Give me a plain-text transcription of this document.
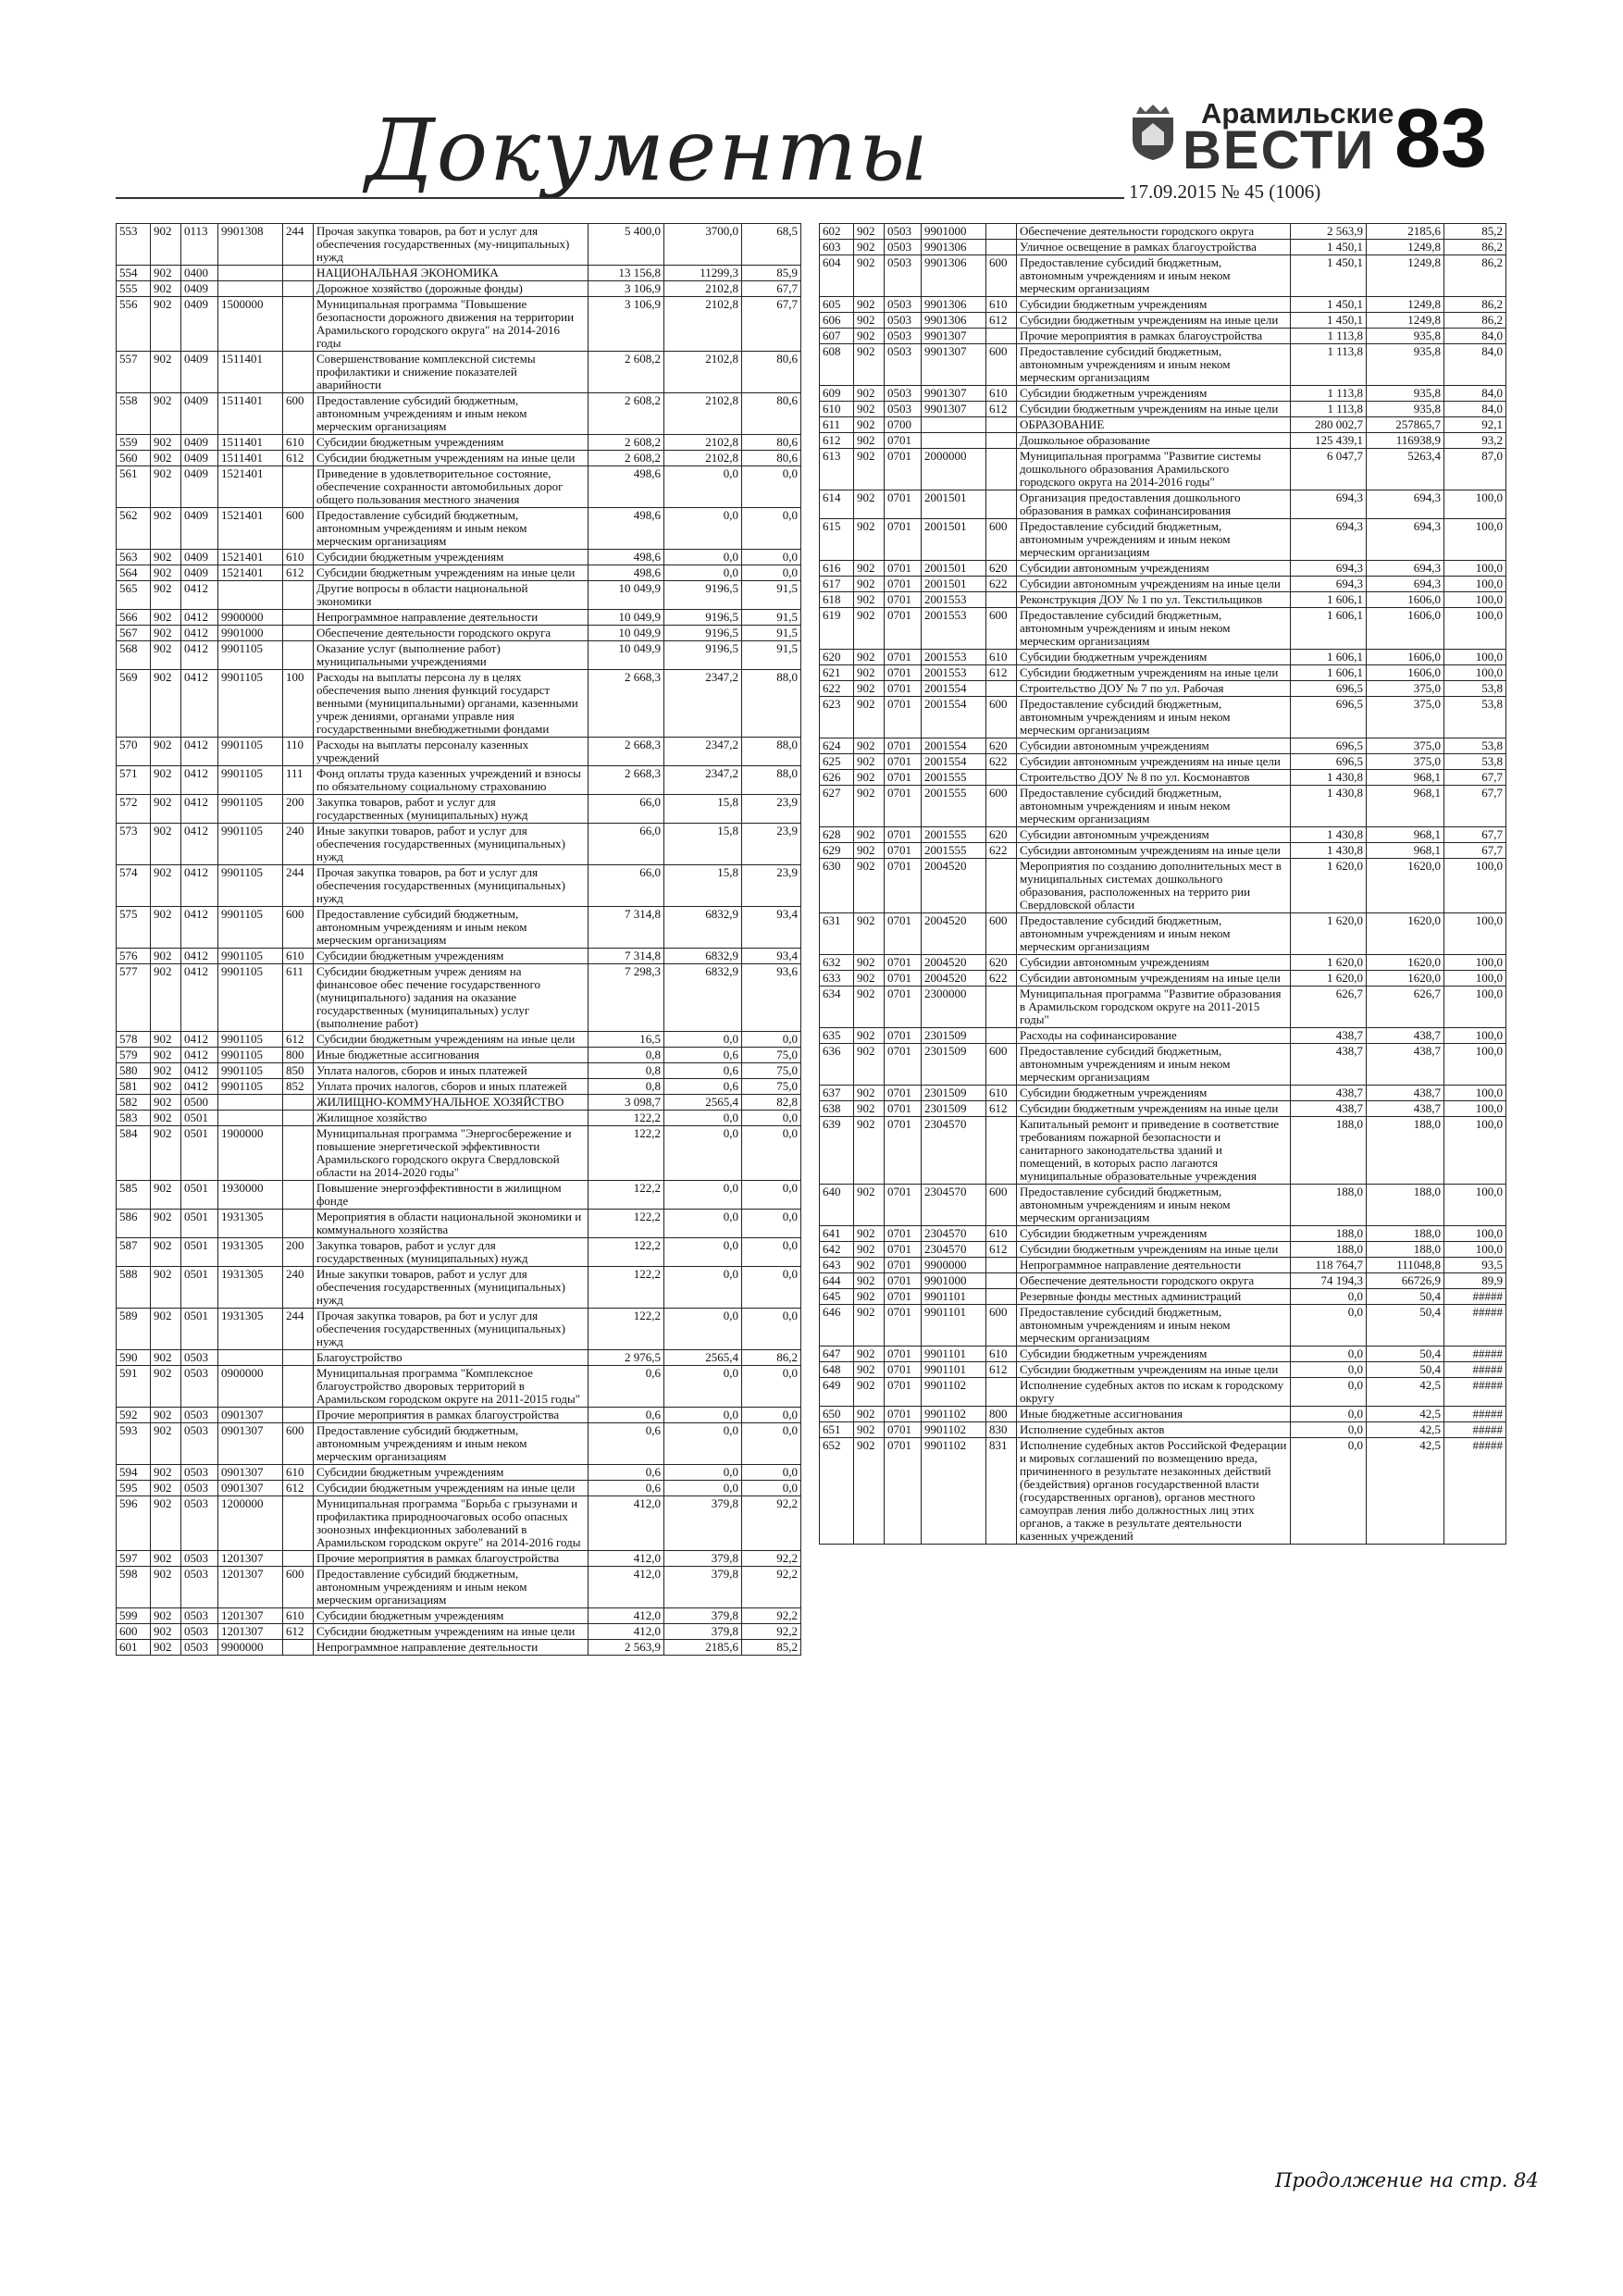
Документы	Арамильские
ВЕСТИ
17.09.2015 № 45 (1006)
83
553	902	0113	9901308	244	Прочая закупка товаров, ра бот и услуг для обеспечения государственных (му-ниципальных) нужд	5 400,0	3700,0	68,5
554	902	0400			НАЦИОНАЛЬНАЯ ЭКОНОМИКА	13 156,8	11299,3	85,9
555	902	0409			Дорожное хозяйство (дорожные фонды)	3 106,9	2102,8	67,7
556	902	0409	1500000		Муниципальная программа "Повышение безопасности дорожного движения на территории Арамильского городского округа" на 2014-2016 годы	3 106,9	2102,8	67,7
557	902	0409	1511401		Совершенствование комплексной системы профилактики и снижение показателей аварийности	2 608,2	2102,8	80,6
558	902	0409	1511401	600	Предоставление субсидий бюджетным, автономным учреждениям и иным неком мерческим организациям	2 608,2	2102,8	80,6
559	902	0409	1511401	610	Субсидии бюджетным учреждениям	2 608,2	2102,8	80,6
560	902	0409	1511401	612	Субсидии бюджетным учреждениям на иные цели	2 608,2	2102,8	80,6
561	902	0409	1521401		Приведение в удовлетворительное состояние, обеспечение сохранности автомобильных дорог общего пользования местного значения	498,6	0,0	0,0
562	902	0409	1521401	600	Предоставление субсидий бюджетным, автономным учреждениям и иным неком мерческим организациям	498,6	0,0	0,0
563	902	0409	1521401	610	Субсидии бюджетным учреждениям	498,6	0,0	0,0
564	902	0409	1521401	612	Субсидии бюджетным учреждениям на иные цели	498,6	0,0	0,0
565	902	0412			Другие вопросы в области национальной экономики	10 049,9	9196,5	91,5
566	902	0412	9900000		Непрограммное направление деятельности	10 049,9	9196,5	91,5
567	902	0412	9901000		Обеспечение деятельности городского округа	10 049,9	9196,5	91,5
568	902	0412	9901105		Оказание услуг (выполнение работ) муниципальными учреждениями	10 049,9	9196,5	91,5
569	902	0412	9901105	100	Расходы на выплаты персона лу в целях обеспечения выпо лнения функций государст венными (муниципальными) органами, казенными учреж дениями, органами управле ния государственными внебюджетными фондами	2 668,3	2347,2	88,0
570	902	0412	9901105	110	Расходы на выплаты персоналу казенных учреждений	2 668,3	2347,2	88,0
571	902	0412	9901105	111	Фонд оплаты труда казенных учреждений и взносы по обязательному социальному страхованию	2 668,3	2347,2	88,0
572	902	0412	9901105	200	Закупка товаров, работ и услуг для государственных (муниципальных) нужд	66,0	15,8	23,9
573	902	0412	9901105	240	Иные закупки товаров, работ и услуг для обеспечения государственных (муниципальных) нужд	66,0	15,8	23,9
574	902	0412	9901105	244	Прочая закупка товаров, ра бот и услуг для обеспечения государственных (муниципальных) нужд	66,0	15,8	23,9
575	902	0412	9901105	600	Предоставление субсидий бюджетным, автономным учреждениям и иным неком мерческим организациям	7 314,8	6832,9	93,4
576	902	0412	9901105	610	Субсидии бюджетным учреждениям	7 314,8	6832,9	93,4
577	902	0412	9901105	611	Субсидии бюджетным учреж дениям на финансовое обес печение государственного (муниципального) задания на оказание государственных (муниципальных) услуг (выполнение работ)	7 298,3	6832,9	93,6
578	902	0412	9901105	612	Субсидии бюджетным учреждениям на иные цели	16,5	0,0	0,0
579	902	0412	9901105	800	Иные бюджетные ассигнования	0,8	0,6	75,0
580	902	0412	9901105	850	Уплата налогов, сборов и иных платежей	0,8	0,6	75,0
581	902	0412	9901105	852	Уплата прочих налогов, сборов и иных платежей	0,8	0,6	75,0
582	902	0500			ЖИЛИЩНО-КОММУНАЛЬНОЕ ХОЗЯЙСТВО	3 098,7	2565,4	82,8
583	902	0501			Жилищное хозяйство	122,2	0,0	0,0
584	902	0501	1900000		Муниципальная программа "Энергосбережение и повышение энергетической эффективности Арамильского городского округа Свердловской области на 2014-2020 годы"	122,2	0,0	0,0
585	902	0501	1930000		Повышение энергоэффективности в жилищном фонде	122,2	0,0	0,0
586	902	0501	1931305		Мероприятия в области национальной экономики и коммунального хозяйства	122,2	0,0	0,0
587	902	0501	1931305	200	Закупка товаров, работ и услуг для государственных (муниципальных) нужд	122,2	0,0	0,0
588	902	0501	1931305	240	Иные закупки товаров, работ и услуг для обеспечения государственных (муниципальных) нужд	122,2	0,0	0,0
589	902	0501	1931305	244	Прочая закупка товаров, ра бот и услуг для обеспечения государственных (муниципальных) нужд	122,2	0,0	0,0
590	902	0503			Благоустройство	2 976,5	2565,4	86,2
591	902	0503	0900000		Муниципальная программа "Комплексное благоустройство дворовых территорий в Арамильском городском округе на 2011-2015 годы"	0,6	0,0	0,0
592	902	0503	0901307		Прочие мероприятия в рамках благоустройства	0,6	0,0	0,0
593	902	0503	0901307	600	Предоставление субсидий бюджетным, автономным учреждениям и иным неком мерческим организациям	0,6	0,0	0,0
594	902	0503	0901307	610	Субсидии бюджетным учреждениям	0,6	0,0	0,0
595	902	0503	0901307	612	Субсидии бюджетным учреждениям на иные цели	0,6	0,0	0,0
596	902	0503	1200000		Муниципальная программа "Борьба с грызунами и профилактика природноочаговых особо опасных зоонозных инфекционных заболеваний в Арамильском городском округе" на 2014-2016 годы	412,0	379,8	92,2
597	902	0503	1201307		Прочие мероприятия в рамках благоустройства	412,0	379,8	92,2
598	902	0503	1201307	600	Предоставление субсидий бюджетным, автономным учреждениям и иным неком мерческим организациям	412,0	379,8	92,2
599	902	0503	1201307	610	Субсидии бюджетным учреждениям	412,0	379,8	92,2
600	902	0503	1201307	612	Субсидии бюджетным учреждениям на иные цели	412,0	379,8	92,2
601	902	0503	9900000		Непрограммное направление деятельности	2 563,9	2185,6	85,2
602	902	0503	9901000		Обеспечение деятельности городского округа	2 563,9	2185,6	85,2
603	902	0503	9901306		Уличное освещение в рамках благоустройства	1 450,1	1249,8	86,2
604	902	0503	9901306	600	Предоставление субсидий бюджетным, автономным учреждениям и иным неком мерческим организациям	1 450,1	1249,8	86,2
605	902	0503	9901306	610	Субсидии бюджетным учреждениям	1 450,1	1249,8	86,2
606	902	0503	9901306	612	Субсидии бюджетным учреждениям на иные цели	1 450,1	1249,8	86,2
607	902	0503	9901307		Прочие мероприятия в рамках благоустройства	1 113,8	935,8	84,0
608	902	0503	9901307	600	Предоставление субсидий бюджетным, автономным учреждениям и иным неком мерческим организациям	1 113,8	935,8	84,0
609	902	0503	9901307	610	Субсидии бюджетным учреждениям	1 113,8	935,8	84,0
610	902	0503	9901307	612	Субсидии бюджетным учреждениям на иные цели	1 113,8	935,8	84,0
611	902	0700			ОБРАЗОВАНИЕ	280 002,7	257865,7	92,1
612	902	0701			Дошкольное образование	125 439,1	116938,9	93,2
613	902	0701	2000000		Муниципальная программа "Развитие системы дошкольного образования Арамильского городского округа на 2014-2016 годы"	6 047,7	5263,4	87,0
614	902	0701	2001501		Организация предоставления дошкольного образования в рамках софинансирования	694,3	694,3	100,0
615	902	0701	2001501	600	Предоставление субсидий бюджетным, автономным учреждениям и иным неком мерческим организациям	694,3	694,3	100,0
616	902	0701	2001501	620	Субсидии автономным учреждениям	694,3	694,3	100,0
617	902	0701	2001501	622	Субсидии автономным учреждениям на иные цели	694,3	694,3	100,0
618	902	0701	2001553		Реконструкция ДОУ № 1 по ул. Текстильщиков	1 606,1	1606,0	100,0
619	902	0701	2001553	600	Предоставление субсидий бюджетным, автономным учреждениям и иным неком мерческим организациям	1 606,1	1606,0	100,0
620	902	0701	2001553	610	Субсидии бюджетным учреждениям	1 606,1	1606,0	100,0
621	902	0701	2001553	612	Субсидии бюджетным учреждениям на иные цели	1 606,1	1606,0	100,0
622	902	0701	2001554		Строительство ДОУ № 7 по ул. Рабочая	696,5	375,0	53,8
623	902	0701	2001554	600	Предоставление субсидий бюджетным, автономным учреждениям и иным неком мерческим организациям	696,5	375,0	53,8
624	902	0701	2001554	620	Субсидии автономным учреждениям	696,5	375,0	53,8
625	902	0701	2001554	622	Субсидии автономным учреждениям на иные цели	696,5	375,0	53,8
626	902	0701	2001555		Строительство ДОУ № 8 по ул. Космонавтов	1 430,8	968,1	67,7
627	902	0701	2001555	600	Предоставление субсидий бюджетным, автономным учреждениям и иным неком мерческим организациям	1 430,8	968,1	67,7
628	902	0701	2001555	620	Субсидии автономным учреждениям	1 430,8	968,1	67,7
629	902	0701	2001555	622	Субсидии автономным учреждениям на иные цели	1 430,8	968,1	67,7
630	902	0701	2004520		Мероприятия по созданию дополнительных мест в муниципальных системах дошкольного образования, расположенных на террито рии Свердловской области	1 620,0	1620,0	100,0
631	902	0701	2004520	600	Предоставление субсидий бюджетным, автономным учреждениям и иным неком мерческим организациям	1 620,0	1620,0	100,0
632	902	0701	2004520	620	Субсидии автономным учреждениям	1 620,0	1620,0	100,0
633	902	0701	2004520	622	Субсидии автономным учреждениям на иные цели	1 620,0	1620,0	100,0
634	902	0701	2300000		Муниципальная программа "Развитие образования в Арамильском городском округе на 2011-2015 годы"	626,7	626,7	100,0
635	902	0701	2301509		Расходы на софинансирование	438,7	438,7	100,0
636	902	0701	2301509	600	Предоставление субсидий бюджетным, автономным учреждениям и иным неком мерческим организациям	438,7	438,7	100,0
637	902	0701	2301509	610	Субсидии бюджетным учреждениям	438,7	438,7	100,0
638	902	0701	2301509	612	Субсидии бюджетным учреждениям на иные цели	438,7	438,7	100,0
639	902	0701	2304570		Капитальный ремонт и приведение в соответствие требованиям пожарной безопасности и санитарного законодательства зданий и помещений, в которых распо лагаются муниципальные образовательные учреждения	188,0	188,0	100,0
640	902	0701	2304570	600	Предоставление субсидий бюджетным, автономным учреждениям и иным неком мерческим организациям	188,0	188,0	100,0
641	902	0701	2304570	610	Субсидии бюджетным учреждениям	188,0	188,0	100,0
642	902	0701	2304570	612	Субсидии бюджетным учреждениям на иные цели	188,0	188,0	100,0
643	902	0701	9900000		Непрограммное направление деятельности	118 764,7	111048,8	93,5
644	902	0701	9901000		Обеспечение деятельности городского округа	74 194,3	66726,9	89,9
645	902	0701	9901101		Резервные фонды местных администраций	0,0	50,4	#####
646	902	0701	9901101	600	Предоставление субсидий бюджетным, автономным учреждениям и иным неком мерческим организациям	0,0	50,4	#####
647	902	0701	9901101	610	Субсидии бюджетным учреждениям	0,0	50,4	#####
648	902	0701	9901101	612	Субсидии бюджетным учреждениям на иные цели	0,0	50,4	#####
649	902	0701	9901102		Исполнение судебных актов по искам к городскому округу	0,0	42,5	#####
650	902	0701	9901102	800	Иные бюджетные ассигнования	0,0	42,5	#####
651	902	0701	9901102	830	Исполнение судебных актов	0,0	42,5	#####
652	902	0701	9901102	831	Исполнение судебных актов Российской Федерации и мировых соглашений по возмещению вреда, причиненного в результате незаконных действий (бездействия) органов государственной власти (государственных органов), органов местного самоуправ ления либо должностных лиц этих органов, а также в результате деятельности казенных учреждений	0,0	42,5	#####
Продолжение на стр. 84
